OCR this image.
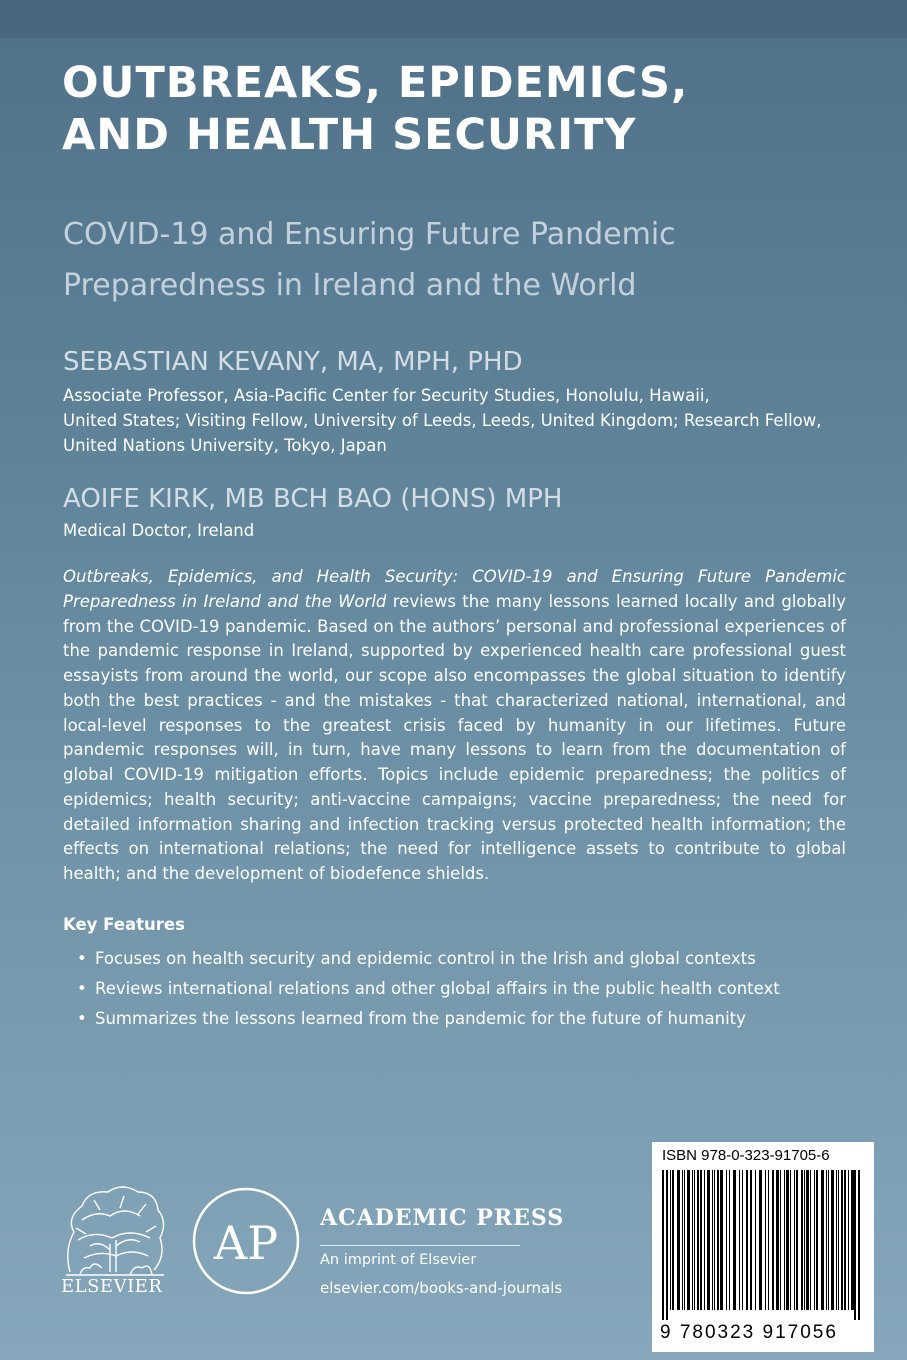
OUTBREAKS, EPIDEMICS,
AND HEALTH SECURITY
COVID-19 and Ensuring Future Pandemic
Preparedness in Ireland and the World
SEBASTIAN KEVANY, MA, MPH, PHD

Associate Professor, Asia-Pacific Center for Security Studies, Honolulu, Hawaii,
United States; Visiting Fellow, University of Leeds, Leeds, United Kingdom; Research Fellow,
United Nations University, Tokyo, Japan

AOIFE KIRK, MB BCH BAO (HONS) MPH

Medical Doctor, Ireland

Outbreaks, Epidemics, and Health Security: COVID-19 and Ensuring Future Pandemic Preparedness in Ireland and the World reviews the many lessons learned locally and globally from the COVID-19 pandemic. Based on the authors’ personal and professional experiences of the pandemic response in Ireland, supported by experienced health care professional guest essayists from around the world, our scope also encompasses the global situation to identify both the best practices - and the mistakes - that characterized national, international, and local-level responses to the greatest crisis faced by humanity in our lifetimes. Future pandemic responses will, in turn, have many lessons to learn from the documentation of global COVID-19 mitigation efforts. Topics include epidemic preparedness; the politics of epidemics; health security; anti-vaccine campaigns; vaccine preparedness; the need for detailed information sharing and infection tracking versus protected health information; the effects on international relations; the need for intelligence assets to contribute to global health; and the development of biodefence shields.

Key Features
• Focuses on health security and epidemic control in the Irish and global contexts
• Reviews international relations and other global affairs in the public health context
• Summarizes the lessons learned from the pandemic for the future of humanity
ELSEVIER
AP ACADEMIC PRESS
An imprint of Elsevier
elsevier.com/books-and-journals
ISBN 978-0-323-91705-6
9 780323 917056
